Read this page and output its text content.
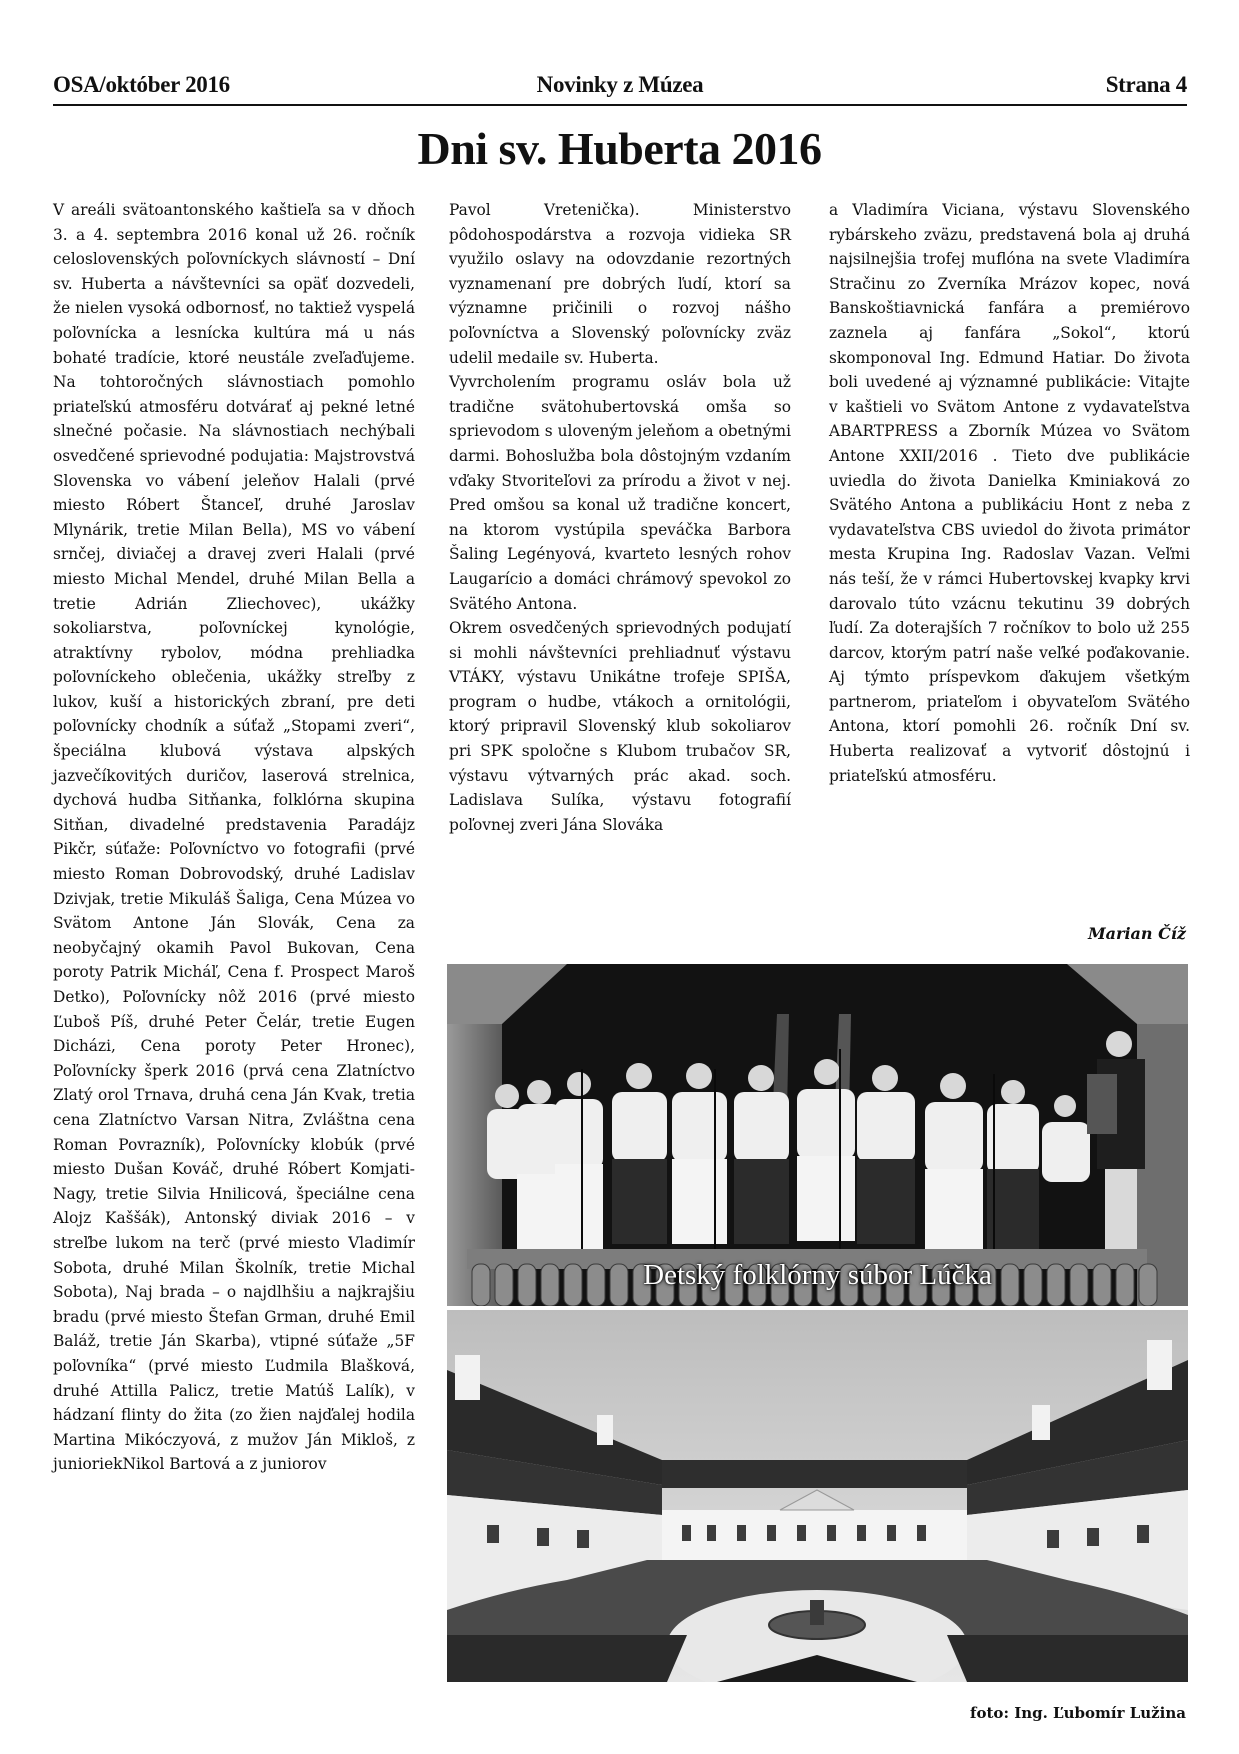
OSA/október 2016	Novinky z Múzea	Strana 4
Dni sv. Huberta 2016

V areáli svätoantonského kaštieľa sa v dňoch 3. a 4. septembra 2016 konal už 26. ročník celoslovenských poľovníckych slávností – Dní sv. Huberta a návštevníci sa opäť dozvedeli, že nielen vysoká odbornosť, no taktiež vyspelá poľovnícka a lesnícka kultúra má u nás bohaté tradície, ktoré neustále zveľaďujeme. Na tohtoročných slávnostiach pomohlo priateľskú atmosféru dotvárať aj pekné letné slnečné počasie. Na slávnostiach nechýbali osvedčené sprievodné podujatia: Majstrovstvá Slovenska vo vábení jeleňov Halali (prvé miesto Róbert Štanceľ, druhé Jaroslav Mlynárik, tretie Milan Bella), MS vo vábení srnčej, diviačej a dravej zveri Halali (prvé miesto Michal Mendel, druhé Milan Bella a tretie Adrián Zliechovec), ukážky sokoliarstva, poľovníckej kynológie, atraktívny rybolov, módna prehliadka poľovníckeho oblečenia, ukážky streľby z lukov, kuší a historických zbraní, pre deti poľovnícky chodník a súťaž „Stopami zveri“, špeciálna klubová výstava alpských jazvečíkovitých duričov, laserová strelnica, dychová hudba Sitňanka, folklórna skupina Sitňan, divadelné predstavenia Paradájz Pikčr, súťaže: Poľovníctvo vo fotografii (prvé miesto Roman Dobrovodský, druhé Ladislav Dzivjak, tretie Mikuláš Šaliga, Cena Múzea vo Svätom Antone Ján Slovák, Cena za neobyčajný okamih Pavol Bukovan, Cena poroty Patrik Micháľ, Cena f. Prospect Maroš Detko), Poľovnícky nôž 2016 (prvé miesto Ľuboš Píš, druhé Peter Čelár, tretie Eugen Dicházi, Cena poroty Peter Hronec), Poľovnícky šperk 2016 (prvá cena Zlatníctvo Zlatý orol Trnava, druhá cena Ján Kvak, tretia cena Zlatníctvo Varsan Nitra, Zvláštna cena Roman Povrazník), Poľovnícky klobúk (prvé miesto Dušan Kováč, druhé Róbert Komjati-Nagy, tretie Silvia Hnilicová, špeciálne cena Alojz Kaššák), Antonský diviak 2016 – v streľbe lukom na terč (prvé miesto Vladimír Sobota, druhé Milan Školník, tretie Michal Sobota), Naj brada – o najdlhšiu a najkrajšiu bradu (prvé miesto Štefan Grman, druhé Emil Baláž, tretie Ján Skarba), vtipné súťaže „5F poľovníka“ (prvé miesto Ľudmila Blašková, druhé Attilla Palicz, tretie Matúš Lalík), v hádzaní flinty do žita (zo žien najďalej hodila Martina Mikóczyová, z mužov Ján Mikloš, z junioriekNikol Bartová a z juniorov

Pavol Vretenička). Ministerstvo pôdohospodárstva a rozvoja vidieka SR využilo oslavy na odovzdanie rezortných vyznamenaní pre dobrých ľudí, ktorí sa významne pričinili o rozvoj nášho poľovníctva a Slovenský poľovnícky zväz udelil medaile sv. Huberta.

Vyvrcholením programu osláv bola už tradične svätohubertovská omša so sprievodom s uloveným jeleňom a obetnými darmi. Bohoslužba bola dôstojným vzdaním vďaky Stvoriteľovi za prírodu a život v nej. Pred omšou sa konal už tradične koncert, na ktorom vystúpila speváčka Barbora Šaling Legényová, kvarteto lesných rohov Laugarício a domáci chrámový spevokol zo Svätého Antona.

Okrem osvedčených sprievodných podujatí si mohli návštevníci prehliadnuť výstavu VTÁKY, výstavu Unikátne trofeje SPIŠA, program o hudbe, vtákoch a ornitológii, ktorý pripravil Slovenský klub sokoliarov pri SPK spoločne s Klubom trubačov SR, výstavu výtvarných prác akad. soch. Ladislava Sulíka, výstavu fotografií poľovnej zveri Jána Slováka

a Vladimíra Viciana, výstavu Slovenského rybárskeho zväzu, predstavená bola aj druhá najsilnejšia trofej muflóna na svete Vladimíra Stračinu zo Zverníka Mrázov kopec, nová Banskoštiavnická fanfára a premiérovo zaznela aj fanfára „Sokol“, ktorú skomponoval Ing. Edmund Hatiar. Do života boli uvedené aj významné publikácie: Vitajte v kaštieli vo Svätom Antone z vydavateľstva ABARTPRESS a Zborník Múzea vo Svätom Antone XXII/2016 . Tieto dve publikácie uviedla do života Danielka Kminiaková zo Svätého Antona a publikáciu Hont z neba z vydavateľstva CBS uviedol do života primátor mesta Krupina Ing. Radoslav Vazan. Veľmi nás teší, že v rámci Hubertovskej kvapky krvi darovalo túto vzácnu tekutinu 39 dobrých ľudí. Za doterajších 7 ročníkov to bolo už 255 darcov, ktorým patrí naše veľké poďakovanie. Aj týmto príspevkom ďakujem všetkým partnerom, priateľom i obyvateľom Svätého Antona, ktorí pomohli 26. ročník Dní sv. Huberta realizovať a vytvoriť dôstojnú i priateľskú atmosféru.

Marian Číž
Detský folklórny súbor Lúčka
foto: Ing. Ľubomír Lužina
